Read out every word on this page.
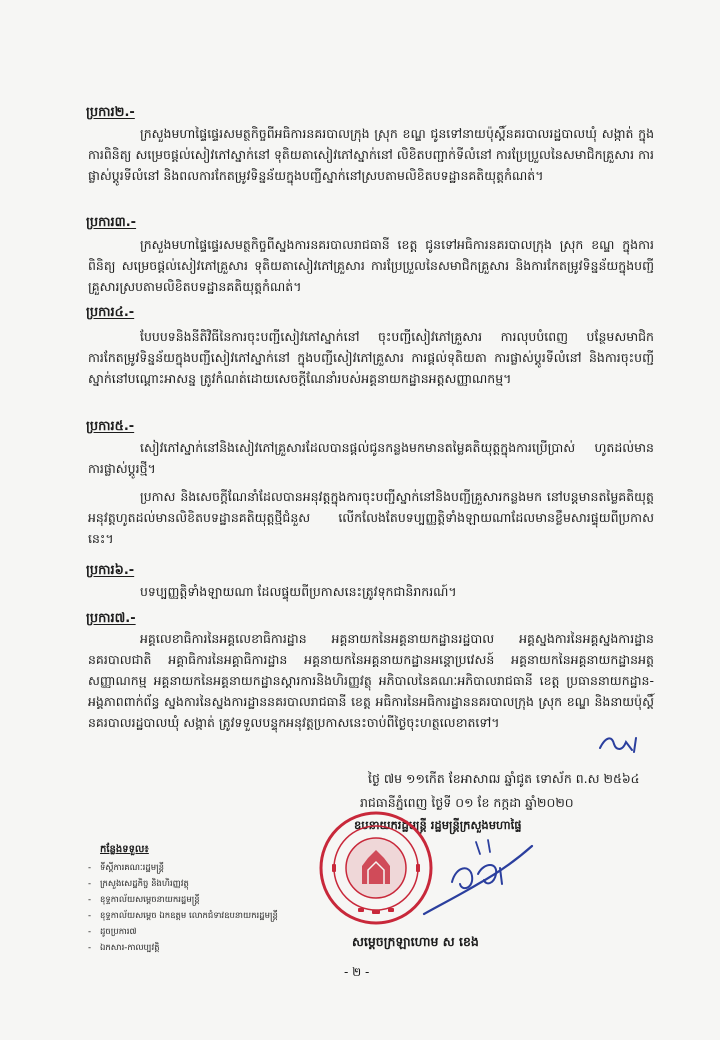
ប្រការ២.-

ក្រសួងមហាផ្ទៃផ្ទេរសមត្ថកិច្ចពីអធិការនគរបាលក្រុង ស្រុក ខណ្ឌ ជូនទៅនាយប៉ុស្តិ៍នគរបាលរដ្ឋបាលឃុំ សង្កាត់ ក្នុងការពិនិត្យ សម្រេចផ្តល់សៀវភៅស្នាក់នៅ ទុតិយតាសៀវភៅស្នាក់នៅ លិខិតបញ្ជាក់ទីលំនៅ ការប្រែប្រួលនៃសមាជិកគ្រួសារ ការផ្លាស់ប្តូរទីលំនៅ និងពលការកែតម្រូវទិន្នន័យក្នុងបញ្ជីស្នាក់នៅស្របតាមលិខិតបទដ្ឋានគតិយុត្តកំណត់។

ប្រការ៣.-

ក្រសួងមហាផ្ទៃផ្ទេរសមត្ថកិច្ចពីស្នងការនគរបាលរាជធានី ខេត្ត ជូនទៅអធិការនគរបាលក្រុង ស្រុក ខណ្ឌ ក្នុងការពិនិត្យ សម្រេចផ្តល់សៀវភៅគ្រួសារ ទុតិយតាសៀវភៅគ្រួសារ ការប្រែប្រួលនៃសមាជិកគ្រួសារ និងការកែតម្រូវទិន្នន័យក្នុងបញ្ជីគ្រួសារស្របតាមលិខិតបទដ្ឋានគតិយុត្តកំណត់។

ប្រការ៤.-

បែបបទនិងនីតិវិធីនៃការចុះបញ្ជីសៀវភៅស្នាក់នៅ ចុះបញ្ជីសៀវភៅគ្រួសារ ការលុបបំពេញ បន្ថែមសមាជិក ការកែតម្រូវទិន្នន័យក្នុងបញ្ជីសៀវភៅស្នាក់នៅ ក្នុងបញ្ជីសៀវភៅគ្រួសារ ការផ្តល់ទុតិយតា ការផ្លាស់ប្តូរទីលំនៅ និងការចុះបញ្ជីស្នាក់នៅបណ្តោះអាសន្ន ត្រូវកំណត់ដោយសេចក្តីណែនាំរបស់អគ្គនាយកដ្ឋានអត្តសញ្ញាណកម្ម។

ប្រការ៥.-

សៀវភៅស្នាក់នៅនិងសៀវភៅគ្រួសារដែលបានផ្តល់ជូនកន្លងមកមានតម្លៃគតិយុត្តក្នុងការប្រើប្រាស់ ហូតដល់មានការផ្លាស់ប្តូរថ្មី។

ប្រកាស និងសេចក្តីណែនាំដែលបានអនុវត្តក្នុងការចុះបញ្ជីស្នាក់នៅនិងបញ្ជីគ្រួសារកន្លងមក នៅបន្តមានតម្លៃគតិយុត្តអនុវត្តហូតដល់មានលិខិតបទដ្ឋានគតិយុត្តថ្មីជំនួស លើកលែងតែបទប្បញ្ញត្តិទាំងឡាយណាដែលមានខ្លឹមសារផ្ទុយពីប្រកាសនេះ។

ប្រការ៦.-

បទប្បញ្ញត្តិទាំងឡាយណា ដែលផ្ទុយពីប្រកាសនេះត្រូវទុកជានិរាករណ៍។

ប្រការ៧.-

អគ្គលេខាធិការនៃអគ្គលេខាធិការដ្ឋាន អគ្គនាយកនៃអគ្គនាយកដ្ឋានរដ្ឋបាល អគ្គស្នងការនៃអគ្គស្នងការដ្ឋាននគរបាលជាតិ អគ្គាធិការនៃអគ្គាធិការដ្ឋាន អគ្គនាយកនៃអគ្គនាយកដ្ឋានអន្តោប្រវេសន៍ អគ្គនាយកនៃអគ្គនាយកដ្ឋានអត្តសញ្ញាណកម្ម អគ្គនាយកនៃអគ្គនាយកដ្ឋានស្តារការនិងហិរញ្ញវត្ថុ អភិបាលនៃគណៈអភិបាលរាជធានី ខេត្ត ប្រធាននាយកដ្ឋាន-អង្គភាពពាក់ព័ន្ធ ស្នងការនៃស្នងការដ្ឋាននគរបាលរាជធានី ខេត្ត អធិការនៃអធិការដ្ឋាននគរបាលក្រុង ស្រុក ខណ្ឌ និងនាយប៉ុស្តិ៍នគរបាលរដ្ឋបាលឃុំ សង្កាត់ ត្រូវទទួលបន្ទុកអនុវត្តប្រកាសនេះចាប់ពីថ្ងៃចុះហត្ថលេខាតទៅ។

ថ្ងៃ ៧ម ១១កើត ខែអាសាឍ ឆ្នាំជូត ទោស័ក ព.ស ២៥៦៤
រាជធានីភ្នំពេញ ថ្ងៃទី ០១ ខែ កក្កដា ឆ្នាំ២០២០
ឧបនាយករដ្ឋមន្ត្រី រដ្ឋមន្ត្រីក្រសួងមហាផ្ទៃ
កន្លែងទទួល៖
- ទីស្តីការគណៈរដ្ឋមន្ត្រី
- ក្រសួងសេដ្ឋកិច្ច និងហិរញ្ញវត្ថុ
- ខុទ្ទកាល័យសម្តេចនាយករដ្ឋមន្ត្រី
- ខុទ្ទកាល័យសម្តេច ឯកឧត្តម លោកជំទាវឧបនាយករដ្ឋមន្ត្រី
- ដូចប្រការ៧
- ឯកសារ-កាលប្បវត្តិ	សម្តេចក្រឡាហោម ស ខេង
- ២ -
